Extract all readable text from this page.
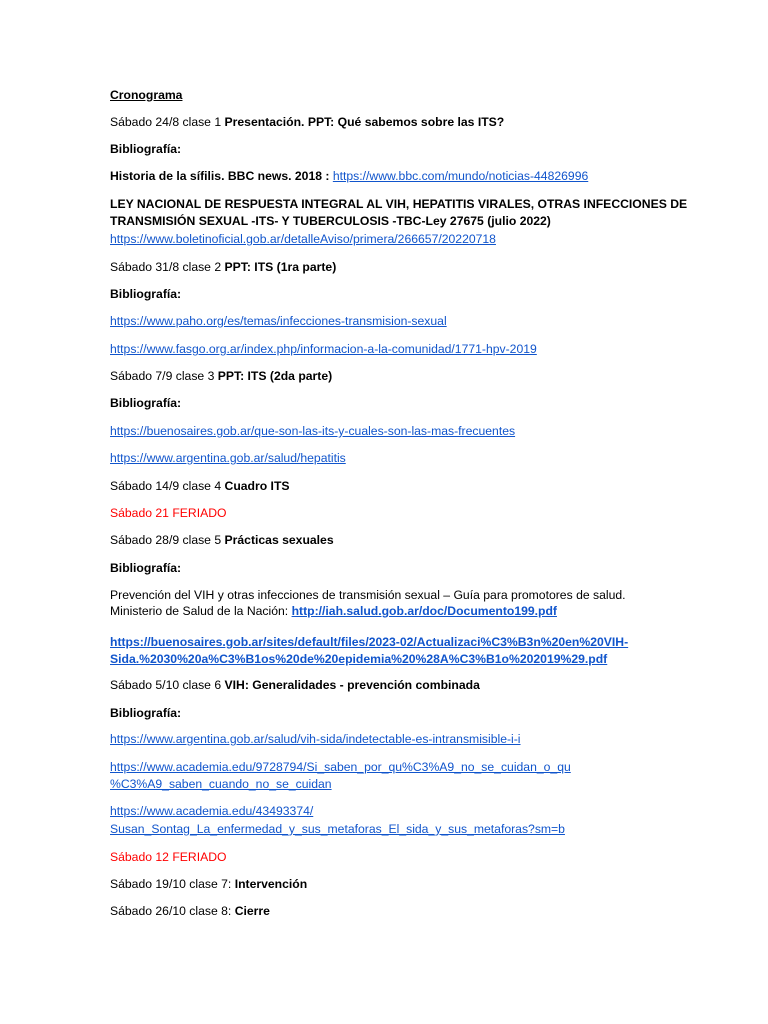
Cronograma
Sábado 24/8 clase 1 Presentación. PPT: Qué sabemos sobre las ITS?
Bibliografía:
Historia de la sífilis. BBC news. 2018 : https://www.bbc.com/mundo/noticias-44826996
LEY NACIONAL DE RESPUESTA INTEGRAL AL VIH, HEPATITIS VIRALES, OTRAS INFECCIONES DE
TRANSMISIÓN SEXUAL -ITS- Y TUBERCULOSIS -TBC-Ley 27675 (julio 2022)
https://www.boletinoficial.gob.ar/detalleAviso/primera/266657/20220718
Sábado 31/8 clase 2 PPT: ITS (1ra parte)
Bibliografía:
https://www.paho.org/es/temas/infecciones-transmision-sexual
https://www.fasgo.org.ar/index.php/informacion-a-la-comunidad/1771-hpv-2019
Sábado 7/9 clase 3 PPT: ITS (2da parte)
Bibliografía:
https://buenosaires.gob.ar/que-son-las-its-y-cuales-son-las-mas-frecuentes
https://www.argentina.gob.ar/salud/hepatitis
Sábado 14/9 clase 4 Cuadro ITS
Sábado 21 FERIADO
Sábado 28/9 clase 5 Prácticas sexuales
Bibliografía:
Prevención del VIH y otras infecciones de transmisión sexual – Guía para promotores de salud.
Ministerio de Salud de la Nación: http://iah.salud.gob.ar/doc/Documento199.pdf
https://buenosaires.gob.ar/sites/default/files/2023-02/Actualizaci%C3%B3n%20en%20VIH-
Sida.%2030%20a%C3%B1os%20de%20epidemia%20%28A%C3%B1o%202019%29.pdf
Sábado 5/10 clase 6 VIH: Generalidades - prevención combinada
Bibliografía:
https://www.argentina.gob.ar/salud/vih-sida/indetectable-es-intransmisible-i-i
https://www.academia.edu/9728794/Si_saben_por_qu%C3%A9_no_se_cuidan_o_qu
%C3%A9_saben_cuando_no_se_cuidan
https://www.academia.edu/43493374/
Susan_Sontag_La_enfermedad_y_sus_metaforas_El_sida_y_sus_metaforas?sm=b
Sábado 12 FERIADO
Sábado 19/10 clase 7: Intervención
Sábado 26/10 clase 8: Cierre
